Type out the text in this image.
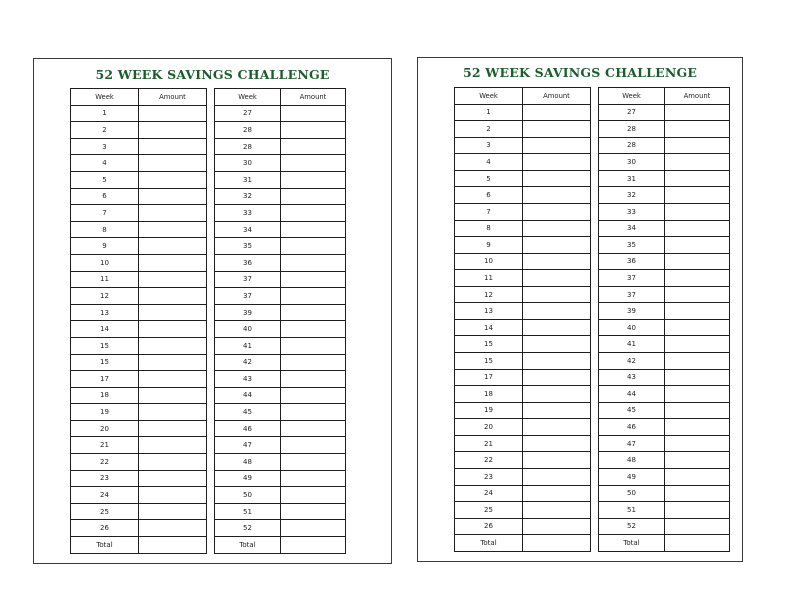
52 WEEK SAVINGS CHALLENGE
Week	Amount
1	
2	
3	
4	
5	
6	
7	
8	
9	
10	
11	
12	
13	
14	
15	
15	
17	
18	
19	
20	
21	
22	
23	
24	
25	
26	
Total	
Week	Amount
27	
28	
28	
30	
31	
32	
33	
34	
35	
36	
37	
37	
39	
40	
41	
42	
43	
44	
45	
46	
47	
48	
49	
50	
51	
52	
Total	
52 WEEK SAVINGS CHALLENGE
Week	Amount
1	
2	
3	
4	
5	
6	
7	
8	
9	
10	
11	
12	
13	
14	
15	
15	
17	
18	
19	
20	
21	
22	
23	
24	
25	
26	
Total	
Week	Amount
27	
28	
28	
30	
31	
32	
33	
34	
35	
36	
37	
37	
39	
40	
41	
42	
43	
44	
45	
46	
47	
48	
49	
50	
51	
52	
Total	
